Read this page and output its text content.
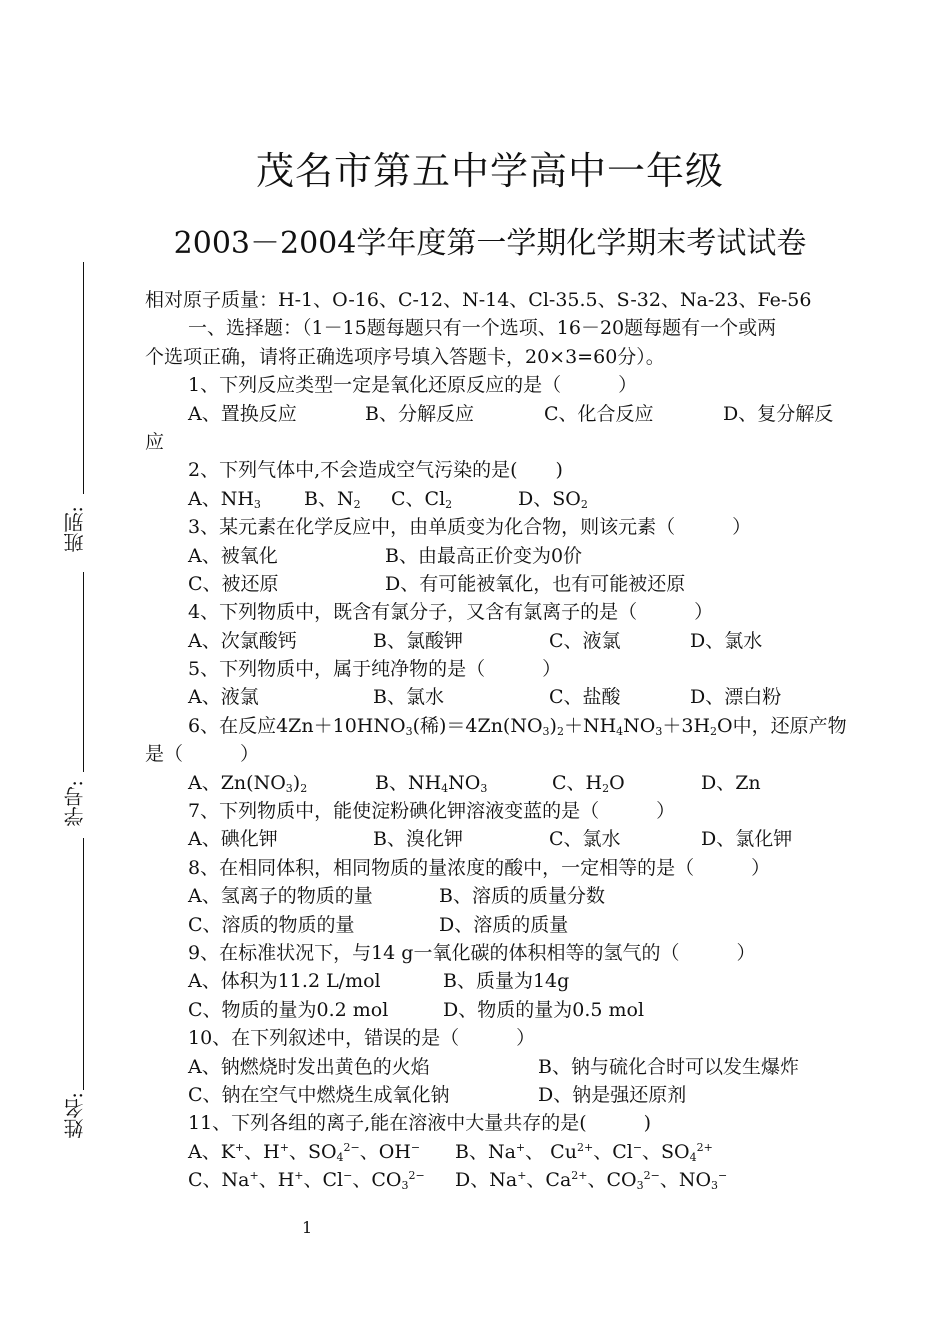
茂名市第五中学高中一年级
2003－2004学年度第一学期化学期末考试试卷
班别:
学号:
姓名:
相对原子质量：H-1、O-16、C-12、N-14、Cl-35.5、S-32、Na-23、Fe-56
一、选择题：（1－15题每题只有一个选项、16－20题每题有一个或两
个选项正确，请将正确选项序号填入答题卡，20×3=60分）。
1、下列反应类型一定是氧化还原反应的是（　　　）
A、置换反应	B、分解反应	C、化合反应	D、复分解反
应
2、下列气体中,不会造成空气污染的是(　　)
A、$NH_3$ B、$N_2$ C、$Cl_2$	D、$SO_2$
3、某元素在化学反应中，由单质变为化合物，则该元素（　　　）
A、被氧化	B、由最高正价变为0价
C、被还原	D、有可能被氧化，也有可能被还原
4、下列物质中，既含有氯分子，又含有氯离子的是（　　　）
A、次氯酸钙	B、氯酸钾	C、液氯	D、氯水
5、下列物质中，属于纯净物的是（　　　）
A、液氯	B、氯水	C、盐酸	D、漂白粉
6、在反应$4Zn+10HNO_3$(稀)$=4Zn(NO_3)_2+NH_4NO_3+3H_2O$中，还原产物
是（　　　）
A、$Zn(NO_3)_2$	B、$NH_4NO_3$	C、$H_2O$	D、Zn
7、下列物质中，能使淀粉碘化钾溶液变蓝的是（　　　）
A、碘化钾	B、溴化钾	C、氯水	D、氯化钾
8、在相同体积，相同物质的量浓度的酸中，一定相等的是（　　　）
A、氢离子的物质的量	B、溶质的质量分数
C、溶质的物质的量	D、溶质的质量
9、在标准状况下，与14 g一氧化碳的体积相等的氢气的（　　　）
A、体积为11.2 L/mol	B、质量为14g
C、物质的量为0.2 mol	D、物质的量为0.5 mol
10、在下列叙述中，错误的是（　　　）
A、钠燃烧时发出黄色的火焰	B、钠与硫化合时可以发生爆炸
C、钠在空气中燃烧生成氧化钠	D、钠是强还原剂
11、下列各组的离子,能在溶液中大量共存的是(　　　)
A、K+、H+、$SO_4^{2-}$、OH− B、Na+、 $Cu^{2+}$、Cl−、$SO_4^{2+}$
C、Na+、H+、Cl−、$CO_3^{2-}$ D、Na+、$Ca^{2+}$、$CO_3^{2-}$、$NO_3^-$
1
